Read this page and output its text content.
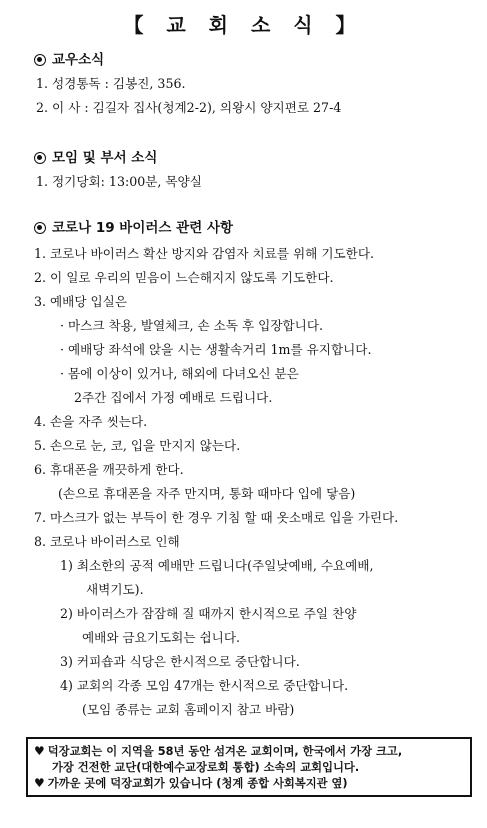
【 교 회 소 식 】
교우소식
1. 성경통독 : 김봉진, 356.
2. 이 사 : 김길자 집사(청계2-2), 의왕시 양지편로 27-4
모임 및 부서 소식
1. 정기당회: 13:00분, 목양실
코로나 19 바이러스 관련 사항
1. 코로나 바이러스 확산 방지와 감염자 치료를 위해 기도한다.
2. 이 일로 우리의 믿음이 느슨해지지 않도록 기도한다.
3. 예배당 입실은
· 마스크 착용, 발열체크, 손 소독 후 입장합니다.
· 예배당 좌석에 앉을 시는 생활속거리 1m를 유지합니다.
· 몸에 이상이 있거나, 해외에 다녀오신 분은
2주간 집에서 가정 예배로 드립니다.
4. 손을 자주 씻는다.
5. 손으로 눈, 코, 입을 만지지 않는다.
6. 휴대폰을 깨끗하게 한다.
(손으로 휴대폰을 자주 만지며, 통화 때마다 입에 닿음)
7. 마스크가 없는 부득이 한 경우 기침 할 때 옷소매로 입을 가린다.
8. 코로나 바이러스로 인해
1) 최소한의 공적 예배만 드립니다(주일낮예배, 수요예배,
새벽기도).
2) 바이러스가 잠잠해 질 때까지 한시적으로 주일 찬양
예배와 금요기도회는 쉽니다.
3) 커피숍과 식당은 한시적으로 중단합니다.
4) 교회의 각종 모임 47개는 한시적으로 중단합니다.
(모임 종류는 교회 홈페이지 참고 바람)
♥ 덕장교회는 이 지역을 58년 동안 섬겨온 교회이며, 한국에서 가장 크고,
가장 건전한 교단(대한예수교장로회 통합) 소속의 교회입니다.
♥ 가까운 곳에 덕장교회가 있습니다 (청계 종합 사회복지관 옆)
